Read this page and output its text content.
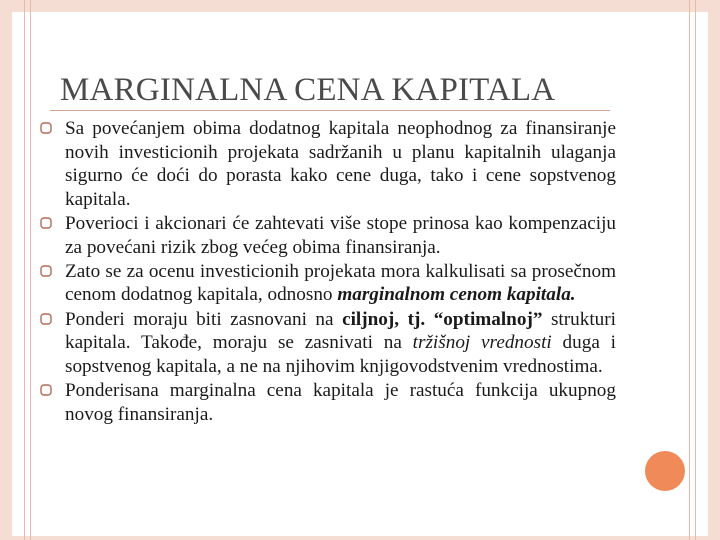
MARGINALNA CENA KAPITALA
Sa povećanjem obima dodatnog kapitala neophodnog za finansiranje novih investicionih projekata sadržanih u planu kapitalnih ulaganja sigurno će doći do porasta kako cene duga, tako i cene sopstvenog kapitala.
Poverioci i akcionari će zahtevati više stope prinosa kao kompenzaciju za povećani rizik zbog većeg obima finansiranja.
Zato se za ocenu investicionih projekata mora kalkulisati sa prosečnom cenom dodatnog kapitala, odnosno marginalnom cenom kapitala.
Ponderi moraju biti zasnovani na ciljnoj, tj. “optimalnoj” strukturi kapitala. Takođe, moraju se zasnivati na tržišnoj vrednosti duga i sopstvenog kapitala, a ne na njihovim knjigovodstvenim vrednostima.
Ponderisana marginalna cena kapitala je rastuća funkcija ukupnog novog finansiranja.
